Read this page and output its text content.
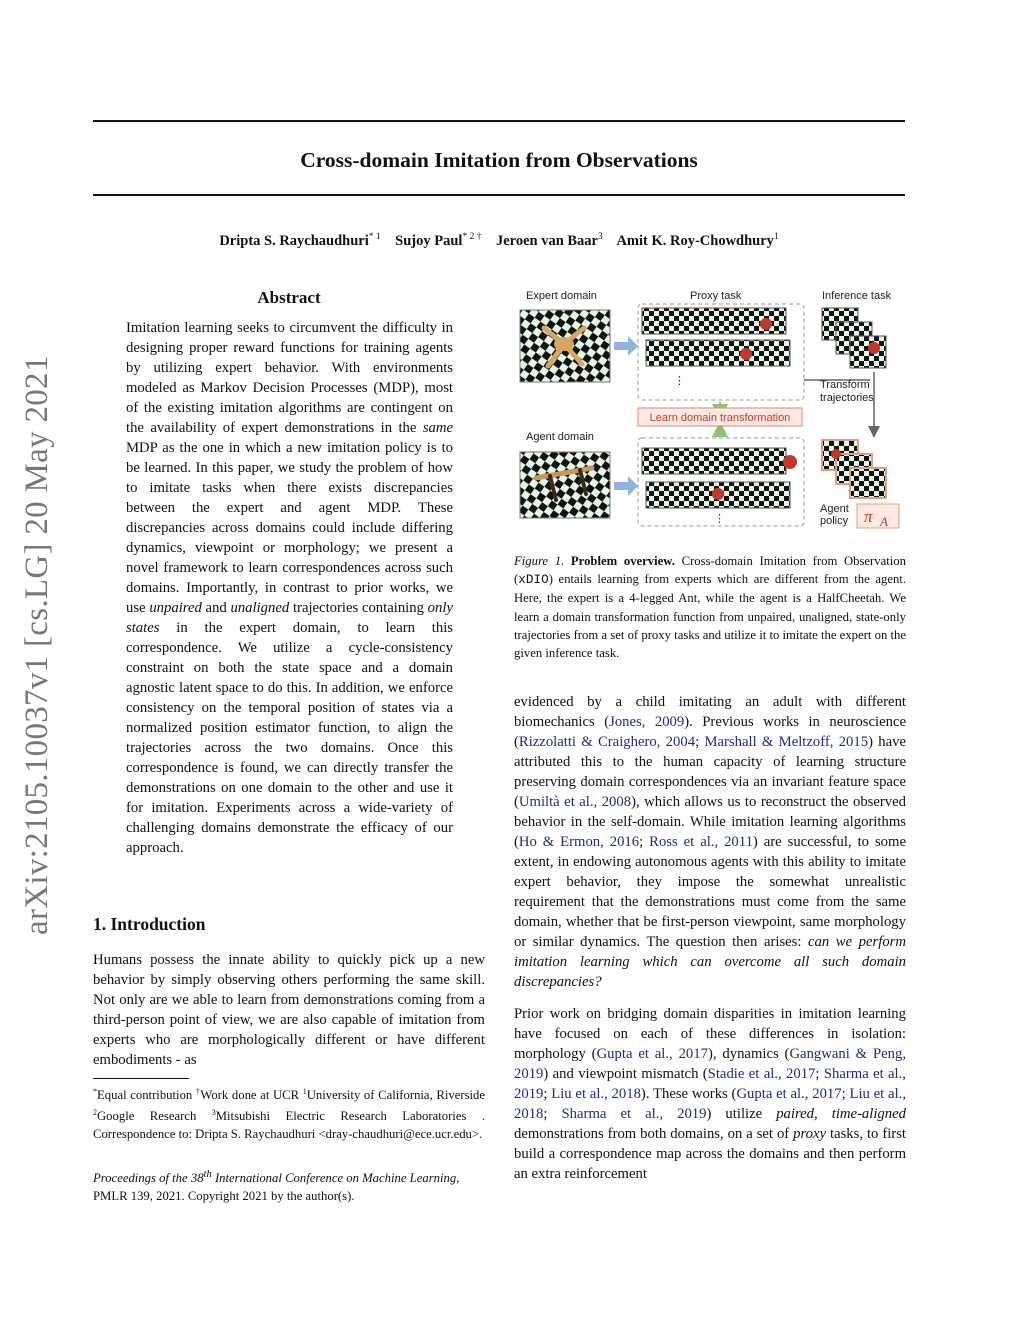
arXiv:2105.10037v1 [cs.LG] 20 May 2021
Cross-domain Imitation from Observations
Dripta S. Raychaudhuri$^{* 1}$ Sujoy Paul$^{* 2 \dagger}$ Jeroen van Baar$^3$ Amit K. Roy-Chowdhury$^1$
Abstract
Imitation learning seeks to circumvent the difficulty in designing proper reward functions for training agents by utilizing expert behavior. With environments modeled as Markov Decision Processes (MDP), most of the existing imitation algorithms are contingent on the availability of expert demonstrations in the same MDP as the one in which a new imitation policy is to be learned. In this paper, we study the problem of how to imitate tasks when there exists discrepancies between the expert and agent MDP. These discrepancies across domains could include differing dynamics, viewpoint or morphology; we present a novel framework to learn correspondences across such domains. Importantly, in contrast to prior works, we use unpaired and unaligned trajectories containing only states in the expert domain, to learn this correspondence. We utilize a cycle-consistency constraint on both the state space and a domain agnostic latent space to do this. In addition, we enforce consistency on the temporal position of states via a normalized position estimator function, to align the trajectories across the two domains. Once this correspondence is found, we can directly transfer the demonstrations on one domain to the other and use it for imitation. Experiments across a wide-variety of challenging domains demonstrate the efficacy of our approach.
1. Introduction
Humans possess the innate ability to quickly pick up a new behavior by simply observing others performing the same skill. Not only are we able to learn from demonstrations coming from a third-person point of view, we are also capable of imitation from experts who are morphologically different or have different embodiments - as
*Equal contribution †Work done at UCR $^1$University of California, Riverside $^2$Google Research $^3$Mitsubishi Electric Research Laboratories . Correspondence to: Dripta S. Raychaudhuri <dray-chaudhuri@ece.ucr.edu>.
Proceedings of the 38th International Conference on Machine Learning, PMLR 139, 2021. Copyright 2021 by the author(s).
Expert domain	Proxy task	Inference task
Agent domain
⋮
⋮
Learn domain transformation
Transform
trajectories
Agent
policy π A
Figure 1. Problem overview. Cross-domain Imitation from Observation (xDIO) entails learning from experts which are different from the agent. Here, the expert is a 4-legged Ant, while the agent is a HalfCheetah. We learn a domain transformation function from unpaired, unaligned, state-only trajectories from a set of proxy tasks and utilize it to imitate the expert on the given inference task.

evidenced by a child imitating an adult with different biomechanics (Jones, 2009). Previous works in neuroscience (Rizzolatti & Craighero, 2004; Marshall & Meltzoff, 2015) have attributed this to the human capacity of learning structure preserving domain correspondences via an invariant feature space (Umiltà et al., 2008), which allows us to reconstruct the observed behavior in the self-domain. While imitation learning algorithms (Ho & Ermon, 2016; Ross et al., 2011) are successful, to some extent, in endowing autonomous agents with this ability to imitate expert behavior, they impose the somewhat unrealistic requirement that the demonstrations must come from the same domain, whether that be first-person viewpoint, same morphology or similar dynamics. The question then arises: can we perform imitation learning which can overcome all such domain discrepancies?

Prior work on bridging domain disparities in imitation learning have focused on each of these differences in isolation: morphology (Gupta et al., 2017), dynamics (Gangwani & Peng, 2019) and viewpoint mismatch (Stadie et al., 2017; Sharma et al., 2019; Liu et al., 2018). These works (Gupta et al., 2017; Liu et al., 2018; Sharma et al., 2019) utilize paired, time-aligned demonstrations from both domains, on a set of proxy tasks, to first build a correspondence map across the domains and then perform an extra reinforcement
